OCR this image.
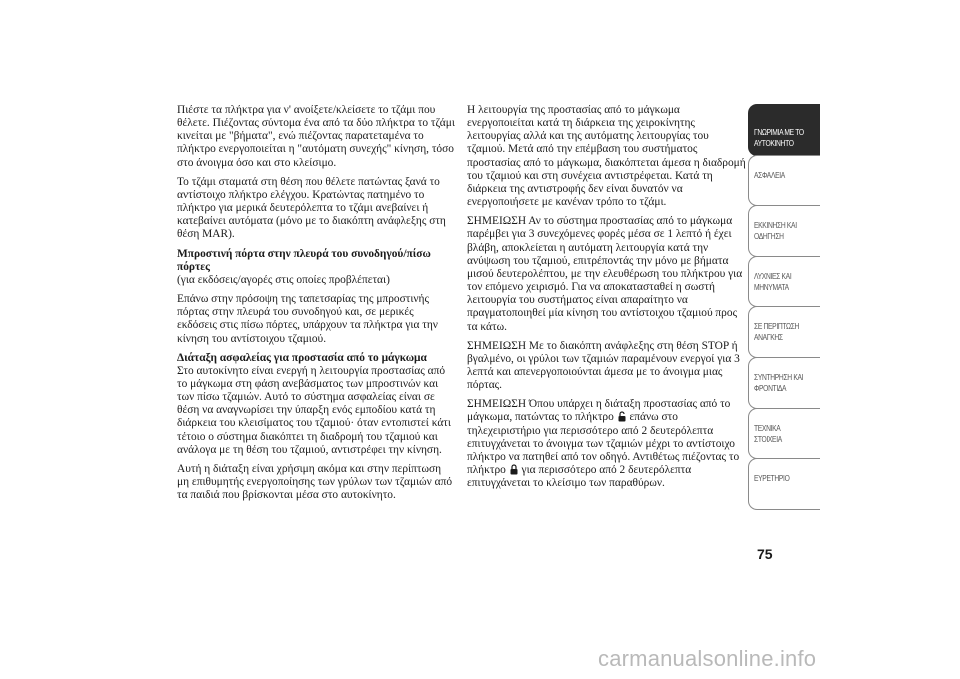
Πιέστε τα πλήκτρα για ν' ανοίξετε/κλείσετε το τζάμι που θέλετε. Πιέζοντας σύντομα ένα από τα δύο πλήκτρα το τζάμι κινείται με "βήματα", ενώ πιέζοντας παρατεταμένα το πλήκτρο ενεργοποιείται η "αυτόματη συνεχής" κίνηση, τόσο στο άνοιγμα όσο και στο κλείσιμο.

Το τζάμι σταματά στη θέση που θέλετε πατώντας ξανά το αντίστοιχο πλήκτρο ελέγχου. Κρατώντας πατημένο το πλήκτρο για μερικά δευτερόλεπτα το τζάμι ανεβαίνει ή κατεβαίνει αυτόματα (μόνο με το διακόπτη ανάφλεξης στη θέση MAR).

Μπροστινή πόρτα στην πλευρά του συνοδηγού/πίσω πόρτες

(για εκδόσεις/αγορές στις οποίες προβλέπεται)

Επάνω στην πρόσοψη της ταπετσαρίας της μπροστινής πόρτας στην πλευρά του συνοδηγού και, σε μερικές εκδόσεις στις πίσω πόρτες, υπάρχουν τα πλήκτρα για την κίνηση του αντίστοιχου τζαμιού.

Διάταξη ασφαλείας για προστασία από το μάγκωμα

Στο αυτοκίνητο είναι ενεργή η λειτουργία προστασίας από το μάγκωμα στη φάση ανεβάσματος των μπροστινών και των πίσω τζαμιών. Αυτό το σύστημα ασφαλείας είναι σε θέση να αναγνωρίσει την ύπαρξη ενός εμποδίου κατά τη διάρκεια του κλεισίματος του τζαμιού· όταν εντοπιστεί κάτι τέτοιο ο σύστημα διακόπτει τη διαδρομή του τζαμιού και ανάλογα με τη θέση του τζαμιού, αντιστρέφει την κίνηση.

Αυτή η διάταξη είναι χρήσιμη ακόμα και στην περίπτωση μη επιθυμητής ενεργοποίησης των γρύλων των τζαμιών από τα παιδιά που βρίσκονται μέσα στο αυτοκίνητο.

Η λειτουργία της προστασίας από το μάγκωμα ενεργοποιείται κατά τη διάρκεια της χειροκίνητης λειτουργίας αλλά και της αυτόματης λειτουργίας του τζαμιού. Μετά από την επέμβαση του συστήματος προστασίας από το μάγκωμα, διακόπτεται άμεσα η διαδρομή του τζαμιού και στη συνέχεια αντιστρέφεται. Κατά τη διάρκεια της αντιστροφής δεν είναι δυνατόν να ενεργοποιήσετε με κανέναν τρόπο το τζάμι.

ΣΗΜΕΙΩΣΗ Αν το σύστημα προστασίας από το μάγκωμα παρέμβει για 3 συνεχόμενες φορές μέσα σε 1 λεπτό ή έχει βλάβη, αποκλείεται η αυτόματη λειτουργία κατά την ανύψωση του τζαμιού, επιτρέποντάς την μόνο με βήματα μισού δευτερολέπτου, με την ελευθέρωση του πλήκτρου για τον επόμενο χειρισμό. Για να αποκατασταθεί η σωστή λειτουργία του συστήματος είναι απαραίτητο να πραγματοποιηθεί μία κίνηση του αντίστοιχου τζαμιού προς τα κάτω.

ΣΗΜΕΙΩΣΗ Με το διακόπτη ανάφλεξης στη θέση STOP ή βγαλμένο, οι γρύλοι των τζαμιών παραμένουν ενεργοί για 3 λεπτά και απενεργοποιούνται άμεσα με το άνοιγμα μιας πόρτας.

ΣΗΜΕΙΩΣΗ Όπου υπάρχει η διάταξη προστασίας από το μάγκωμα, πατώντας το πλήκτρο
επάνω στο τηλεχειριστήριο για περισσότερο από 2 δευτερόλεπτα επιτυγχάνεται το άνοιγμα των τζαμιών μέχρι το αντίστοιχο πλήκτρο να πατηθεί από τον οδηγό. Αντιθέτως πιέζοντας το πλήκτρο
για περισσότερο από 2 δευτερόλεπτα επιτυγχάνεται το κλείσιμο των παραθύρων.

ΓΝΩΡΙΜΙΑ ΜΕ ΤΟ
ΑΥΤΟΚΙΝΗΤΟ
ΑΣΦΑΛΕΙΑ
ΕΚΚΙΝΗΣΗ ΚΑΙ
ΟΔΗΓΗΣΗ
ΛΥΧΝΙΕΣ ΚΑΙ
ΜΗΝΥΜΑΤΑ
ΣΕ ΠΕΡΙΠΤΩΣΗ
ΑΝΑΓΚΗΣ
ΣΥΝΤΗΡΗΣΗ ΚΑΙ
ΦΡΟΝΤΙΔΑ
ΤΕΧΝΙΚΑ ΣΤΟΙΧΕΙΑ
ΕΥΡΕΤΗΡΙΟ
75
carmanualsonline.info
